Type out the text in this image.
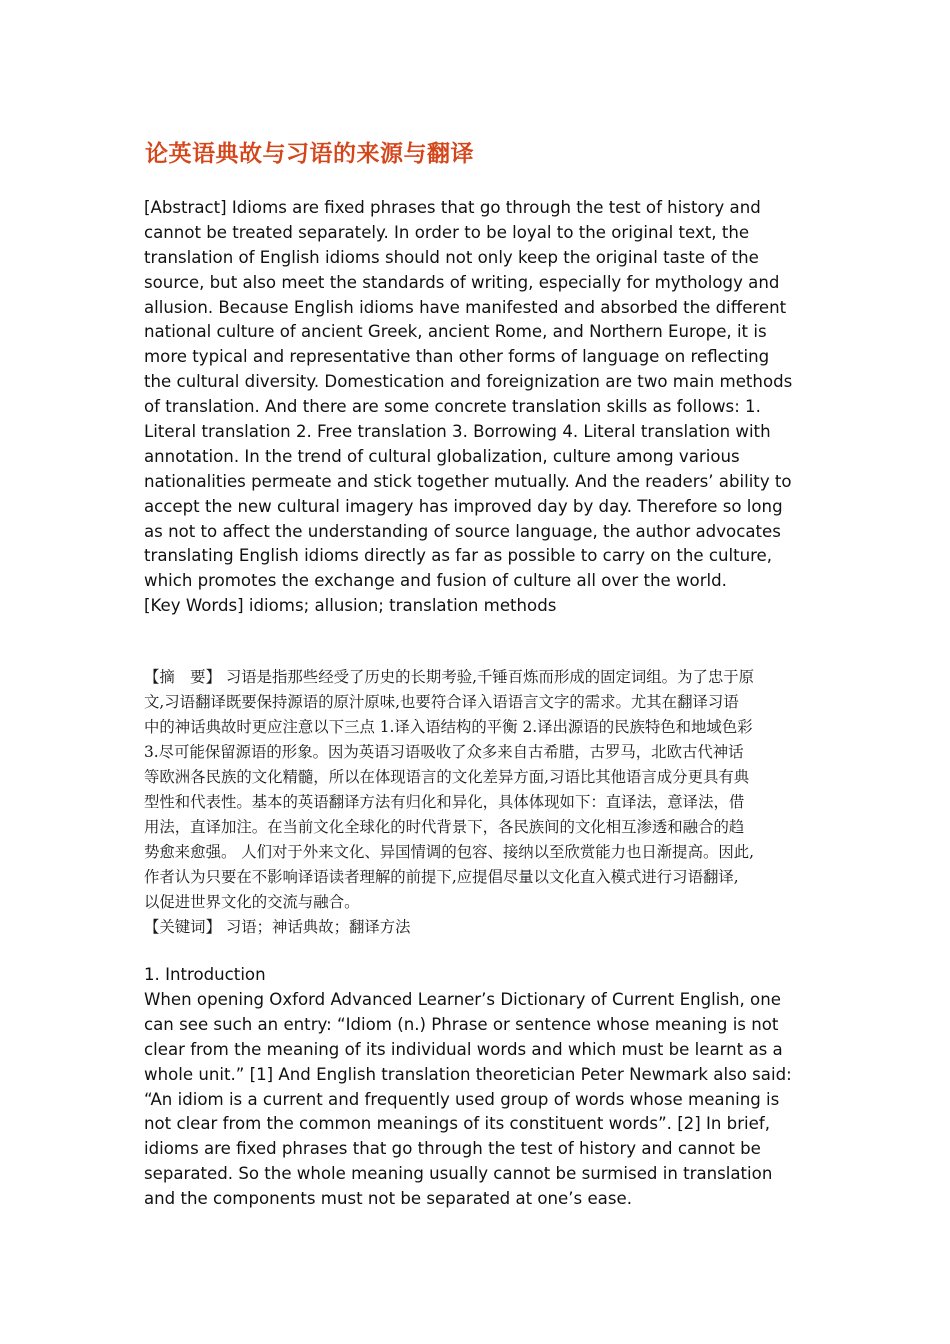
论英语典故与习语的来源与翻译
[Abstract] Idioms are fixed phrases that go through the test of history and
cannot be treated separately. In order to be loyal to the original text, the
translation of English idioms should not only keep the original taste of the
source, but also meet the standards of writing, especially for mythology and
allusion. Because English idioms have manifested and absorbed the different
national culture of ancient Greek, ancient Rome, and Northern Europe, it is
more typical and representative than other forms of language on reflecting
the cultural diversity. Domestication and foreignization are two main methods
of translation. And there are some concrete translation skills as follows: 1.
Literal translation 2. Free translation 3. Borrowing 4. Literal translation with
annotation. In the trend of cultural globalization, culture among various
nationalities permeate and stick together mutually. And the readers’ ability to
accept the new cultural imagery has improved day by day. Therefore so long
as not to affect the understanding of source language, the author advocates
translating English idioms directly as far as possible to carry on the culture,
which promotes the exchange and fusion of culture all over the world.
[Key Words] idioms; allusion; translation methods
【摘　要】 习语是指那些经受了历史的长期考验,千锤百炼而形成的固定词组。为了忠于原
文,习语翻译既要保持源语的原汁原味,也要符合译入语语言文字的需求。尤其在翻译习语
中的神话典故时更应注意以下三点 1.译入语结构的平衡 2.译出源语的民族特色和地域色彩
3.尽可能保留源语的形象。因为英语习语吸收了众多来自古希腊，古罗马，北欧古代神话
等欧洲各民族的文化精髓，所以在体现语言的文化差异方面,习语比其他语言成分更具有典
型性和代表性。基本的英语翻译方法有归化和异化，具体体现如下：直译法，意译法，借
用法，直译加注。在当前文化全球化的时代背景下，各民族间的文化相互渗透和融合的趋
势愈来愈强。 人们对于外来文化、异国情调的包容、接纳以至欣赏能力也日渐提高。因此,
作者认为只要在不影响译语读者理解的前提下,应提倡尽量以文化直入模式进行习语翻译,
以促进世界文化的交流与融合。
【关键词】 习语；神话典故；翻译方法
1. Introduction
When opening Oxford Advanced Learner’s Dictionary of Current English, one
can see such an entry: “Idiom (n.) Phrase or sentence whose meaning is not
clear from the meaning of its individual words and which must be learnt as a
whole unit.” [1] And English translation theoretician Peter Newmark also said:
“An idiom is a current and frequently used group of words whose meaning is
not clear from the common meanings of its constituent words”. [2] In brief,
idioms are fixed phrases that go through the test of history and cannot be
separated. So the whole meaning usually cannot be surmised in translation
and the components must not be separated at one’s ease.
